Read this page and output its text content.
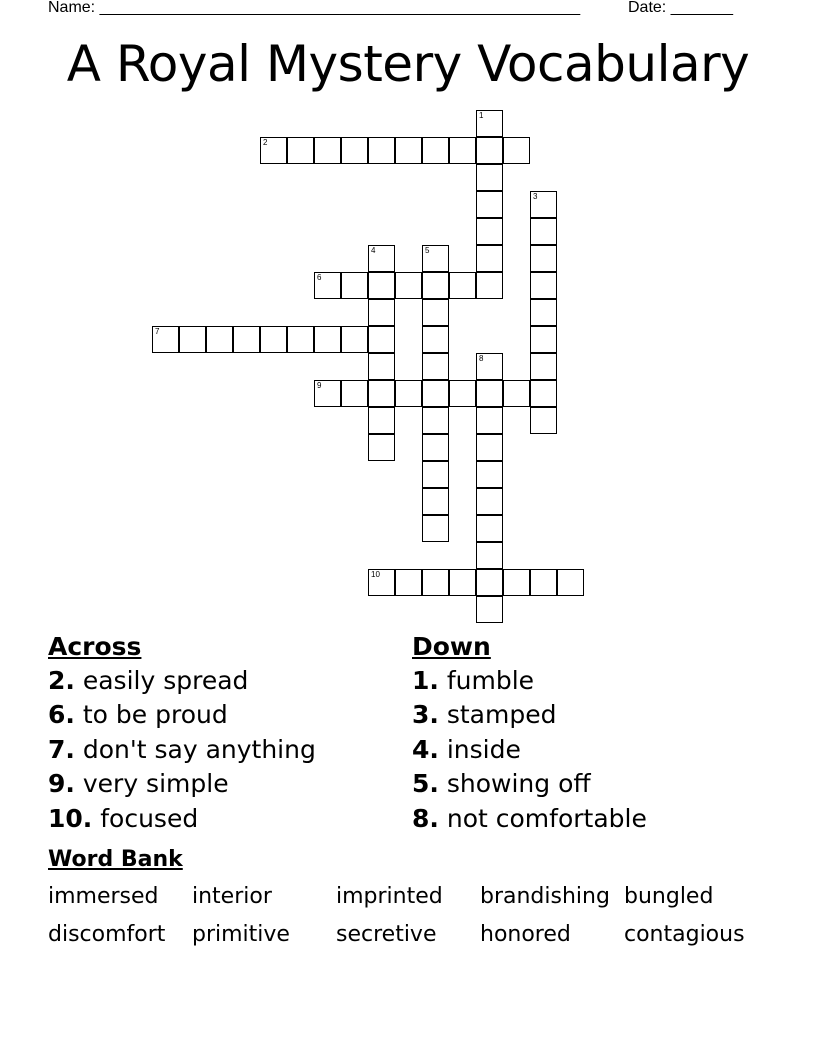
Name: ______________________________________________________	Date: _______
A Royal Mystery Vocabulary
2
6
7
9
10
1
3
4	5
8
Across
2. easily spread
6. to be proud
7. don't say anything
9. very simple
10. focused
Down
1. fumble
3. stamped
4. inside
5. showing off
8. not comfortable
Word Bank
immersed interior	imprinted brandishing bungled
discomfort primitive secretive honored contagious
